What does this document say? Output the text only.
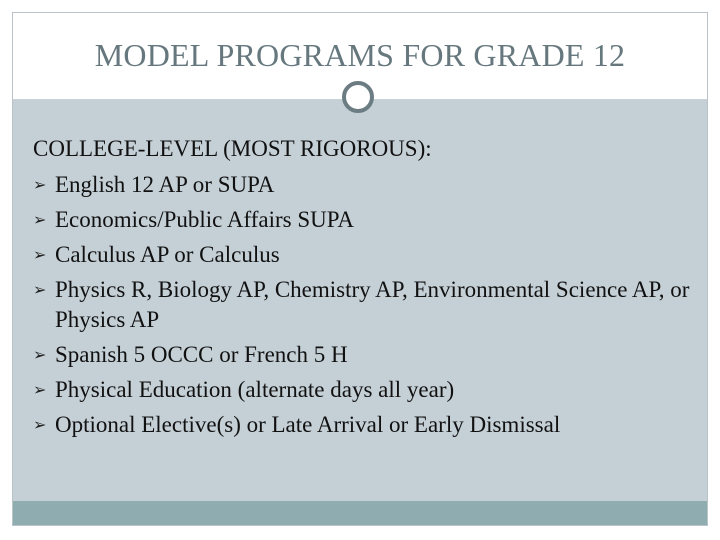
MODEL PROGRAMS FOR GRADE 12
COLLEGE-LEVEL (MOST RIGOROUS):
➢ English 12 AP or SUPA
➢ Economics/Public Affairs SUPA
➢ Calculus AP or Calculus
➢ Physics R, Biology AP, Chemistry AP, Environmental Science AP, or Physics AP
➢ Spanish 5 OCCC or French 5 H
➢ Physical Education (alternate days all year)
➢ Optional Elective(s) or Late Arrival or Early Dismissal
